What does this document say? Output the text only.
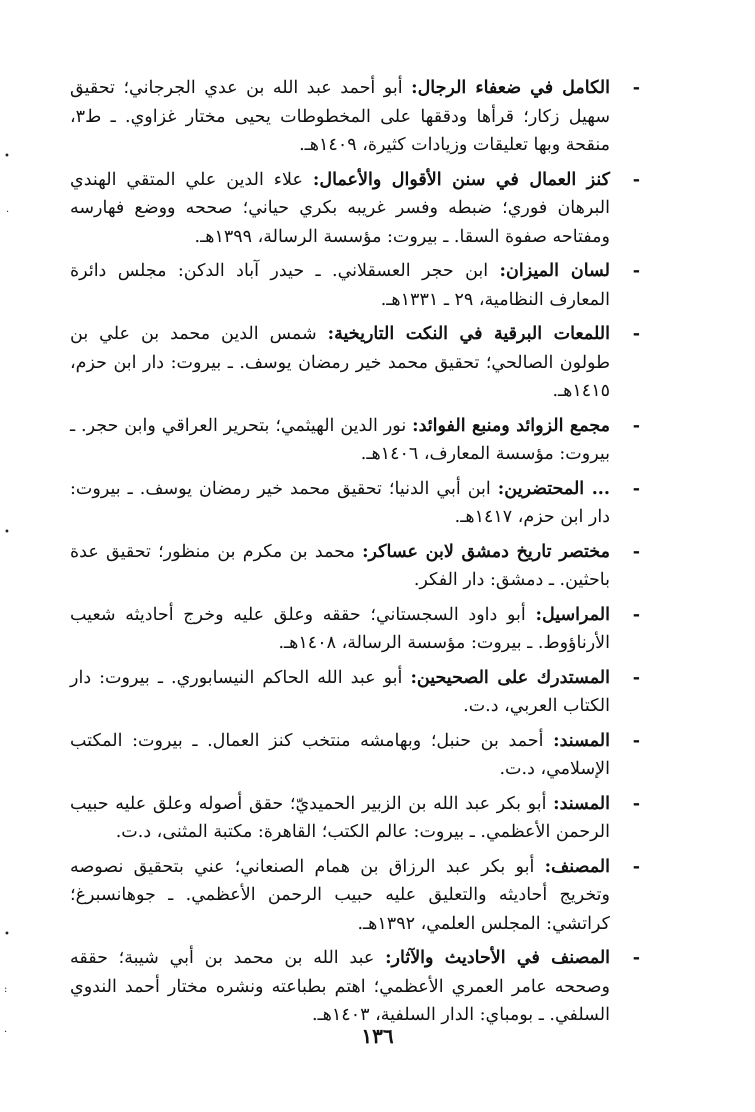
-
الكامل في ضعفاء الرجال: أبو أحمد عبد الله بن عدي الجرجاني؛ تحقيق سهيل زكار؛ قرأها ودققها على المخطوطات يحيى مختار غزاوي. ـ ط٣، منقحة وبها تعليقات وزيادات كثيرة، ١٤٠٩هـ.
-
كنز العمال في سنن الأقوال والأعمال: علاء الدين علي المتقي الهندي البرهان فوري؛ ضبطه وفسر غريبه بكري حياني؛ صححه ووضع فهارسه ومفتاحه صفوة السقا. ـ بيروت: مؤسسة الرسالة، ١٣٩٩هـ.
-
لسان الميزان: ابن حجر العسقلاني. ـ حيدر آباد الدكن: مجلس دائرة المعارف النظامية، ٢٩ ـ ١٣٣١هـ.
-
اللمعات البرقية في النكت التاريخية: شمس الدين محمد بن علي بن طولون الصالحي؛ تحقيق محمد خير رمضان يوسف. ـ بيروت: دار ابن حزم، ١٤١٥هـ.
-
مجمع الزوائد ومنبع الفوائد: نور الدين الهيثمي؛ بتحرير العراقي وابن حجر. ـ بيروت: مؤسسة المعارف، ١٤٠٦هـ.
-
... المحتضرين: ابن أبي الدنيا؛ تحقيق محمد خير رمضان يوسف. ـ بيروت: دار ابن حزم، ١٤١٧هـ.
-
مختصر تاريخ دمشق لابن عساكر: محمد بن مكرم بن منظور؛ تحقيق عدة باحثين. ـ دمشق: دار الفكر.
-
المراسيل: أبو داود السجستاني؛ حققه وعلق عليه وخرج أحاديثه شعيب الأرناؤوط. ـ بيروت: مؤسسة الرسالة، ١٤٠٨هـ.
-
المستدرك على الصحيحين: أبو عبد الله الحاكم النيسابوري. ـ بيروت: دار الكتاب العربي، د.ت.
-
المسند: أحمد بن حنبل؛ وبهامشه منتخب كنز العمال. ـ بيروت: المكتب الإسلامي، د.ت.
-
المسند: أبو بكر عبد الله بن الزبير الحميديّ؛ حقق أصوله وعلق عليه حبيب الرحمن الأعظمي. ـ بيروت: عالم الكتب؛ القاهرة: مكتبة المثنى، د.ت.
-
المصنف: أبو بكر عبد الرزاق بن همام الصنعاني؛ عني بتحقيق نصوصه وتخريج أحاديثه والتعليق عليه حبيب الرحمن الأعظمي. ـ جوهانسبرغ؛ كراتشي: المجلس العلمي، ١٣٩٢هـ.
-
المصنف في الأحاديث والآثار: عبد الله بن محمد بن أبي شيبة؛ حققه وصححه عامر العمري الأعظمي؛ اهتم بطباعته ونشره مختار أحمد الندوي السلفي. ـ بومباي: الدار السلفية، ١٤٠٣هـ.
١٣٦
•
·
•
•
:
·
